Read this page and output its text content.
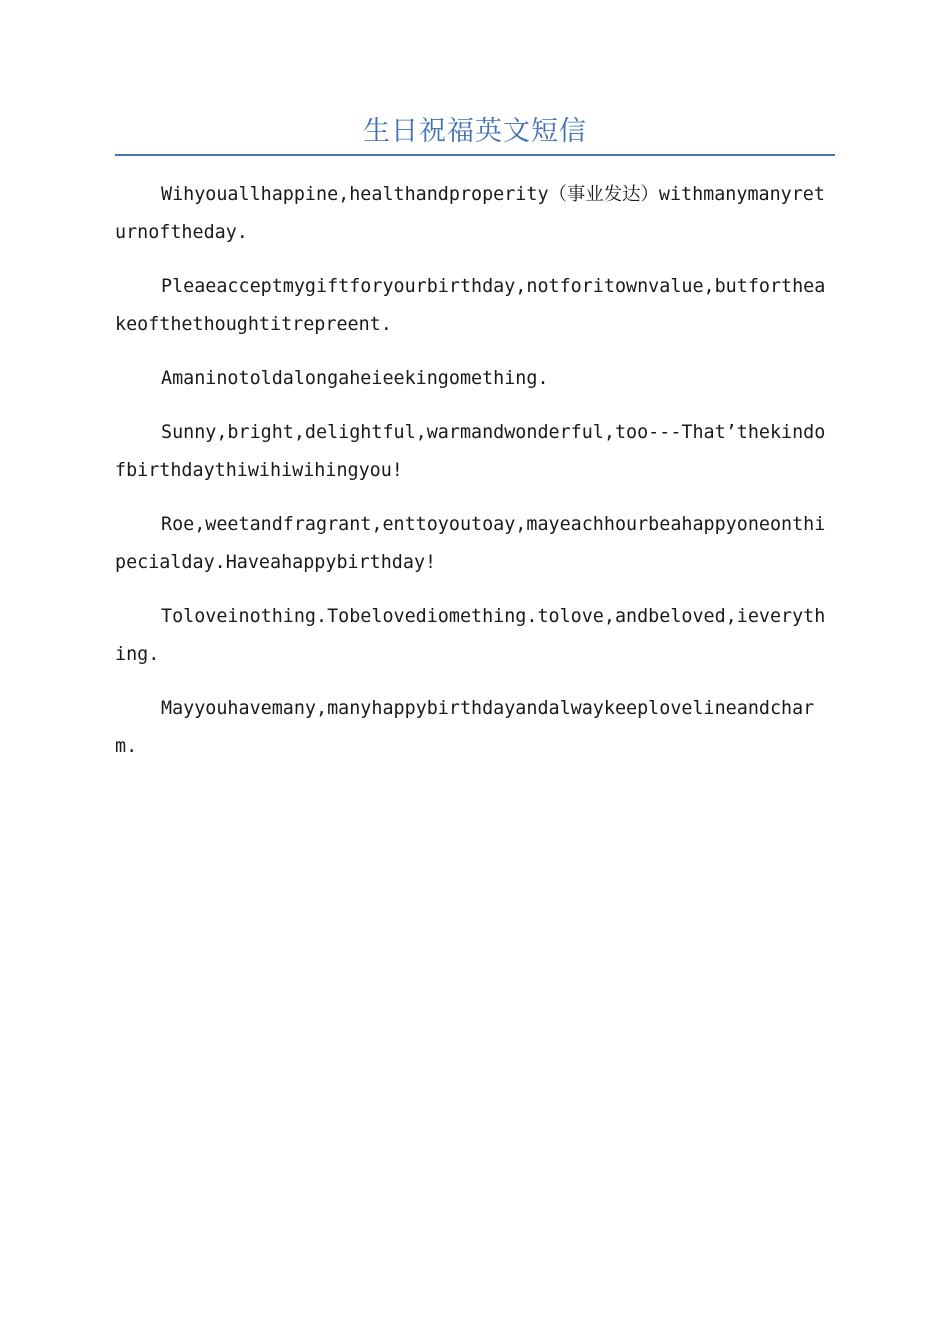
生日祝福英文短信

Wihyouallhappine,healthandproperity（事业发达）withmanymanyreturnoftheday.

Pleaeacceptmygiftforyourbirthday,notforitownvalue,butfortheakeofthethoughtitrepreent.

Amaninotoldalongaheieekingomething.

Sunny,bright,delightful,warmandwonderful,too---That’thekindofbirthdaythiwihiwihingyou!

Roe,weetandfragrant,enttoyoutoay,mayeachhourbeahappyoneonthipecialday.Haveahappybirthday!

Toloveinothing.Tobelovediomething.tolove,andbeloved,ieverything.

Mayyouhavemany,manyhappybirthdayandalwaykeeplovelineandcharm.
